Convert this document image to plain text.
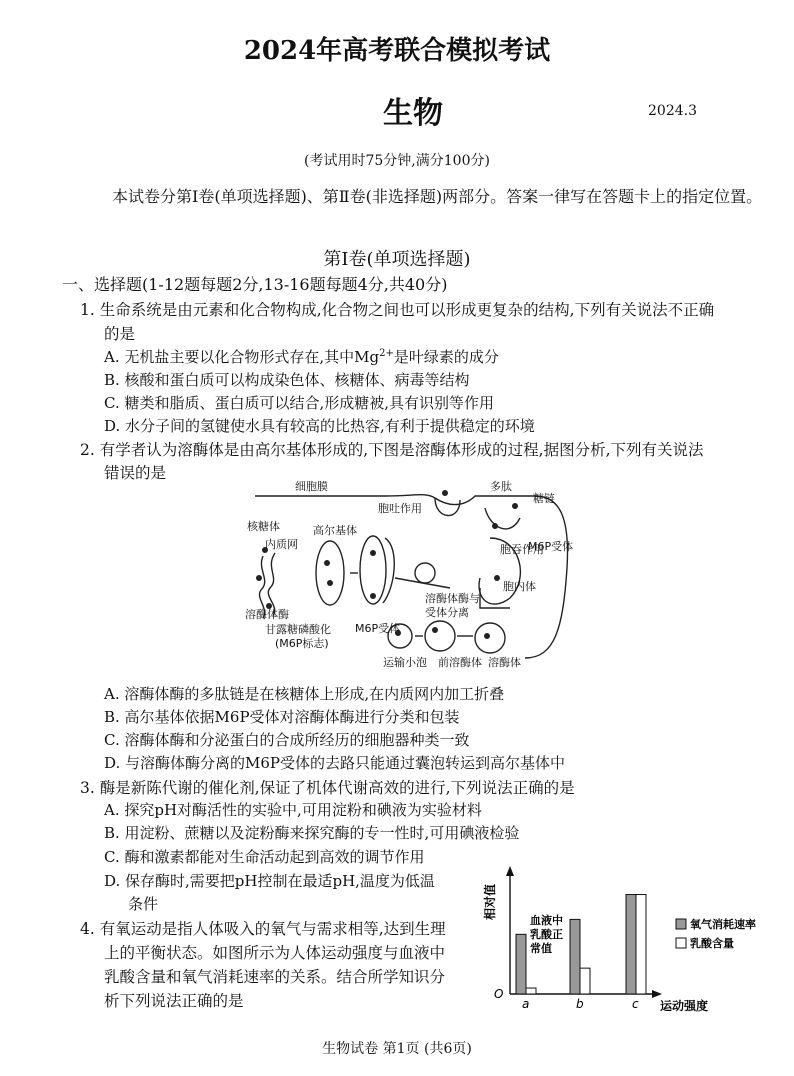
2024年高考联合模拟考试
生物	2024.3
(考试用时75分钟,满分100分)
本试卷分第Ⅰ卷(单项选择题)、第Ⅱ卷(非选择题)两部分。答案一律写在答题卡上的指定位置。
第Ⅰ卷(单项选择题)
一、选择题(1-12题每题2分,13-16题每题4分,共40分)
1. 生命系统是由元素和化合物构成,化合物之间也可以形成更复杂的结构,下列有关说法不正确
的是
A. 无机盐主要以化合物形式存在,其中$Mg^{2+}$是叶绿素的成分
B. 核酸和蛋白质可以构成染色体、核糖体、病毒等结构
C. 糖类和脂质、蛋白质可以结合,形成糖被,具有识别等作用
D. 水分子间的氢键使水具有较高的比热容,有利于提供稳定的环境
2. 有学者认为溶酶体是由高尔基体形成的,下图是溶酶体形成的过程,据图分析,下列有关说法
错误的是
细胞膜	多肽
糖链
核糖体
内质网
高尔基体
胞吐作用
胞吞作用
M6P受体
胞内体
溶酶体酶
溶酶体酶与
受体分离
甘露糖磷酸化
(M6P标志)
M6P受体
运输小泡 前溶酶体 溶酶体
A. 溶酶体酶的多肽链是在核糖体上形成,在内质网内加工折叠
B. 高尔基体依据M6P受体对溶酶体酶进行分类和包装
C. 溶酶体酶和分泌蛋白的合成所经历的细胞器种类一致
D. 与溶酶体酶分离的M6P受体的去路只能通过囊泡转运到高尔基体中
3. 酶是新陈代谢的催化剂,保证了机体代谢高效的进行,下列说法正确的是
A. 探究pH对酶活性的实验中,可用淀粉和碘液为实验材料
B. 用淀粉、蔗糖以及淀粉酶来探究酶的专一性时,可用碘液检验
C. 酶和激素都能对生命活动起到高效的调节作用
D. 保存酶时,需要把pH控制在最适pH,温度为低温
条件
4. 有氧运动是指人体吸入的氧气与需求相等,达到生理
上的平衡状态。如图所示为人体运动强度与血液中
乳酸含量和氧气消耗速率的关系。结合所学知识分
析下列说法正确的是
相对值
运动强度
O
血液中
乳酸正
常值
a	b	c
氧气消耗速率
乳酸含量
生物试卷 第1页 (共6页)
